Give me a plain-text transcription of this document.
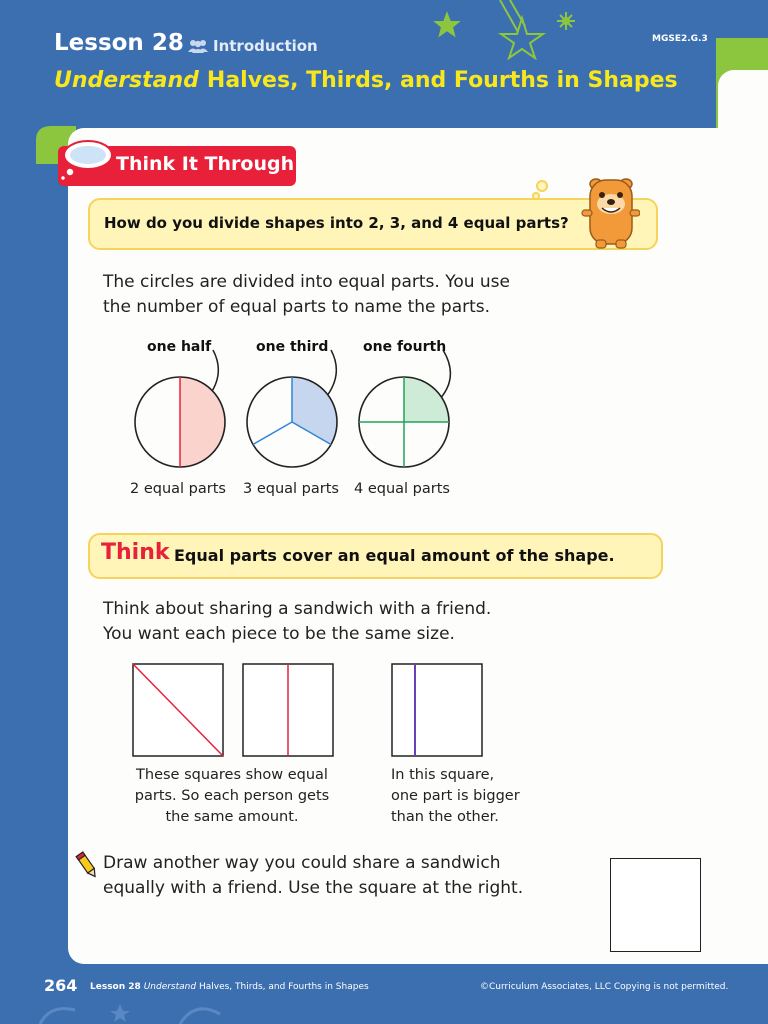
Lesson 28 Introduction	MGSE2.G.3
Understand Halves, Thirds, and Fourths in Shapes
Think It Through
How do you divide shapes into 2, 3, and 4 equal parts?
The circles are divided into equal parts. You use
the number of equal parts to name the parts.
one half	one third one fourth
2 equal parts 3 equal parts 4 equal parts
Think Equal parts cover an equal amount of the shape.
Think about sharing a sandwich with a friend.
You want each piece to be the same size.
These squares show equal
parts. So each person gets
the same amount.
In this square,
one part is bigger
than the other.
Draw another way you could share a sandwich
equally with a friend. Use the square at the right.
264 Lesson 28 Understand Halves, Thirds, and Fourths in Shapes	©Curriculum Associates, LLC Copying is not permitted.
